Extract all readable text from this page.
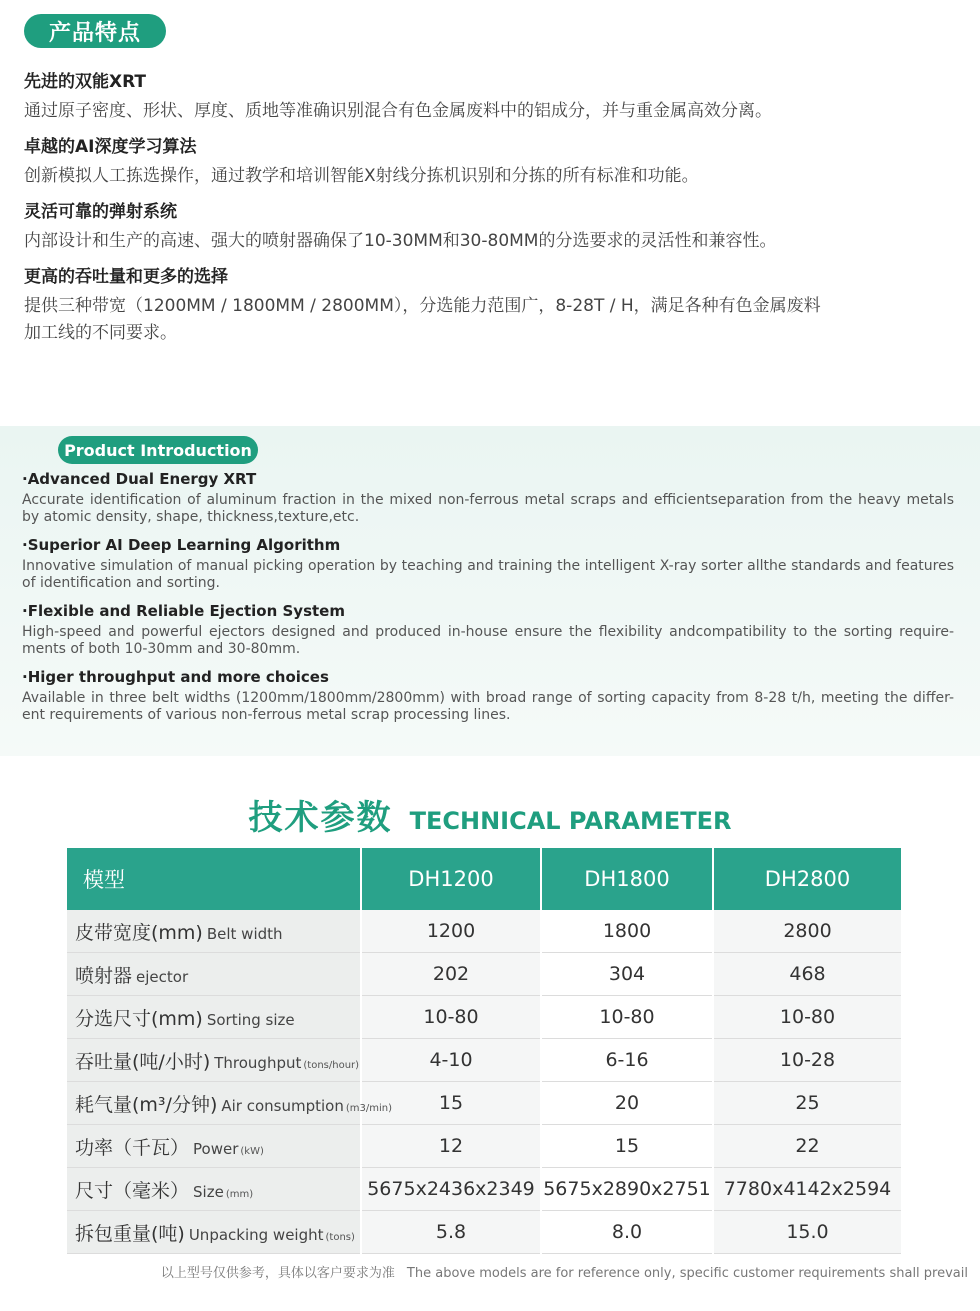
产品特点

先进的双能XRT

通过原子密度、形状、厚度、质地等准确识别混合有色金属废料中的铝成分，并与重金属高效分离。

卓越的AI深度学习算法

创新模拟人工拣选操作，通过教学和培训智能X射线分拣机识别和分拣的所有标准和功能。

灵活可靠的弹射系统

内部设计和生产的高速、强大的喷射器确保了10-30MM和30-80MM的分选要求的灵活性和兼容性。

更高的吞吐量和更多的选择

提供三种带宽（1200MM / 1800MM / 2800MM），分选能力范围广，8-28T / H，满足各种有色金属废料

加工线的不同要求。

Product Introduction

·Advanced Dual Energy XRT

Accurate identification of aluminum fraction in the mixed non-ferrous metal scraps and efficientseparation from the heavy metals by atomic density, shape, thickness,texture,etc.

·Superior AI Deep Learning Algorithm

Innovative simulation of manual picking operation by teaching and training the intelligent X-ray sorter allthe standards and features of identification and sorting.

·Flexible and Reliable Ejection System

High-speed and powerful ejectors designed and produced in-house ensure the flexibility andcompatibility to the sorting require-ments of both 10-30mm and 30-80mm.

·Higer throughput and more choices

Available in three belt widths (1200mm/1800mm/2800mm) with broad range of sorting capacity from 8-28 t/h, meeting the differ-ent requirements of various non-ferrous metal scrap processing lines.

技术参数 TECHNICAL PARAMETER
模型	DH1200	DH1800	DH2800
皮带宽度(mm) Belt width	1200	1800	2800
喷射器 ejector	202	304	468
分选尺寸(mm) Sorting size	10-80	10-80	10-80
吞吐量(吨/小时) Throughput (tons/hour)	4-10	6-16	10-28
耗气量(m³/分钟) Air consumption (m3/min)	15	20	25
功率（千瓦） Power (kW)	12	15	22
尺寸（毫米） Size (mm)	5675x2436x2349	5675x2890x2751	7780x4142x2594
拆包重量(吨) Unpacking weight (tons)	5.8	8.0	15.0
以上型号仅供参考，具体以客户要求为准 The above models are for reference only, specific customer requirements shall prevail
